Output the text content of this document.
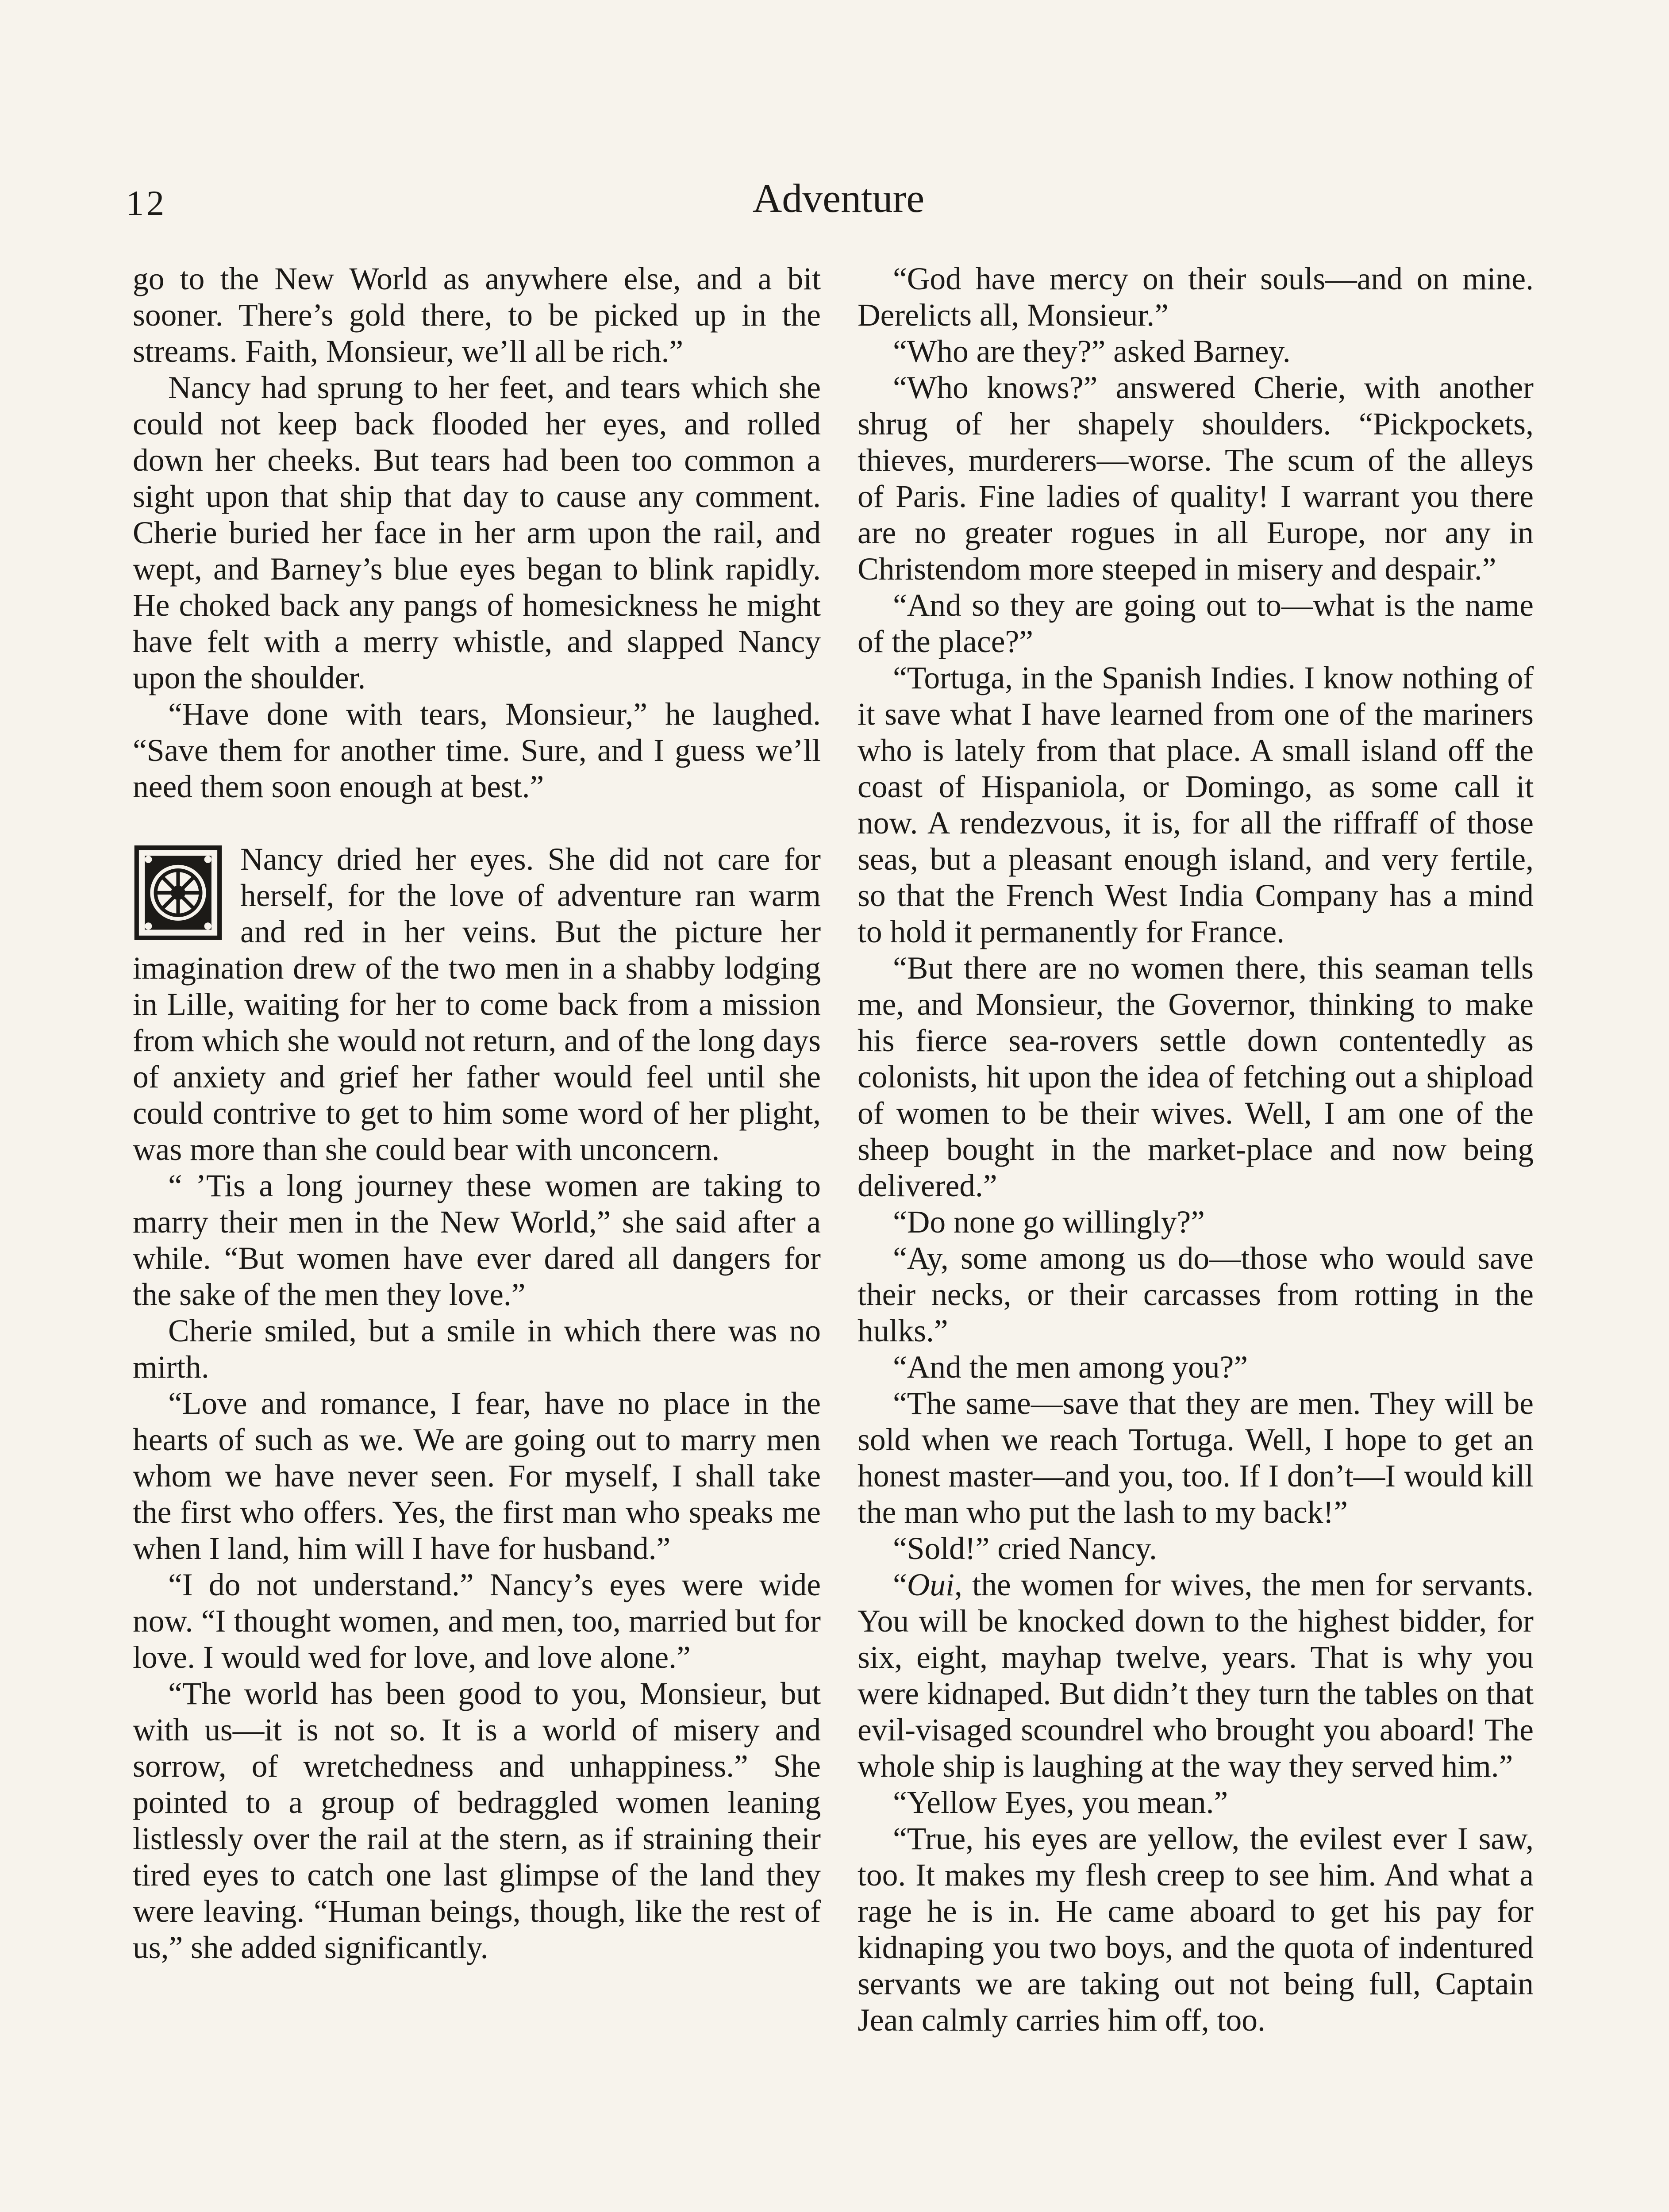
12	Adventure

go to the New World as anywhere else, and a bit sooner. There’s gold there, to be picked up in the streams. Faith, Monsieur, we’ll all be rich.”

Nancy had sprung to her feet, and tears which she could not keep back flooded her eyes, and rolled down her cheeks. But tears had been too common a sight upon that ship that day to cause any comment. Cherie buried her face in her arm upon the rail, and wept, and Barney’s blue eyes began to blink rapidly. He choked back any pangs of homesickness he might have felt with a merry whistle, and slapped Nancy upon the shoulder.

“Have done with tears, Monsieur,” he laughed. “Save them for another time. Sure, and I guess we’ll need them soon enough at best.”

Nancy dried her eyes. She did not care for herself, for the love of adventure ran warm and red in her veins. But the picture her imagination drew of the two men in a shabby lodging in Lille, waiting for her to come back from a mission from which she would not return, and of the long days of anxiety and grief her father would feel until she could contrive to get to him some word of her plight, was more than she could bear with unconcern.

“ ’Tis a long journey these women are taking to marry their men in the New World,” she said after a while. “But women have ever dared all dangers for the sake of the men they love.”

Cherie smiled, but a smile in which there was no mirth.

“Love and romance, I fear, have no place in the hearts of such as we. We are going out to marry men whom we have never seen. For myself, I shall take the first who offers. Yes, the first man who speaks me when I land, him will I have for husband.”

“I do not understand.” Nancy’s eyes were wide now. “I thought women, and men, too, married but for love. I would wed for love, and love alone.”

“The world has been good to you, Monsieur, but with us—it is not so. It is a world of misery and sorrow, of wretchedness and unhappiness.” She pointed to a group of bedraggled women leaning listlessly over the rail at the stern, as if straining their tired eyes to catch one last glimpse of the land they were leaving. “Human beings, though, like the rest of us,” she added significantly.

“God have mercy on their souls—and on mine. Derelicts all, Monsieur.”

“Who are they?” asked Barney.

“Who knows?” answered Cherie, with another shrug of her shapely shoulders. “Pickpockets, thieves, murderers—worse. The scum of the alleys of Paris. Fine ladies of quality! I warrant you there are no greater rogues in all Europe, nor any in Christendom more steeped in misery and despair.”

“And so they are going out to—what is the name of the place?”

“Tortuga, in the Spanish Indies. I know nothing of it save what I have learned from one of the mariners who is lately from that place. A small island off the coast of Hispaniola, or Domingo, as some call it now. A rendezvous, it is, for all the riffraff of those seas, but a pleasant enough island, and very fertile, so that the French West India Company has a mind to hold it permanently for France.

“But there are no women there, this seaman tells me, and Monsieur, the Governor, thinking to make his fierce sea-rovers settle down contentedly as colonists, hit upon the idea of fetching out a shipload of women to be their wives. Well, I am one of the sheep bought in the market-place and now being delivered.”

“Do none go willingly?”

“Ay, some among us do—those who would save their necks, or their carcasses from rotting in the hulks.”

“And the men among you?”

“The same—save that they are men. They will be sold when we reach Tortuga. Well, I hope to get an honest master—and you, too. If I don’t—I would kill the man who put the lash to my back!”

“Sold!” cried Nancy.

“Oui, the women for wives, the men for servants. You will be knocked down to the highest bidder, for six, eight, mayhap twelve, years. That is why you were kidnaped. But didn’t they turn the tables on that evil-visaged scoundrel who brought you aboard! The whole ship is laughing at the way they served him.”

“Yellow Eyes, you mean.”

“True, his eyes are yellow, the evilest ever I saw, too. It makes my flesh creep to see him. And what a rage he is in. He came aboard to get his pay for kidnaping you two boys, and the quota of indentured servants we are taking out not being full, Captain Jean calmly carries him off, too.
